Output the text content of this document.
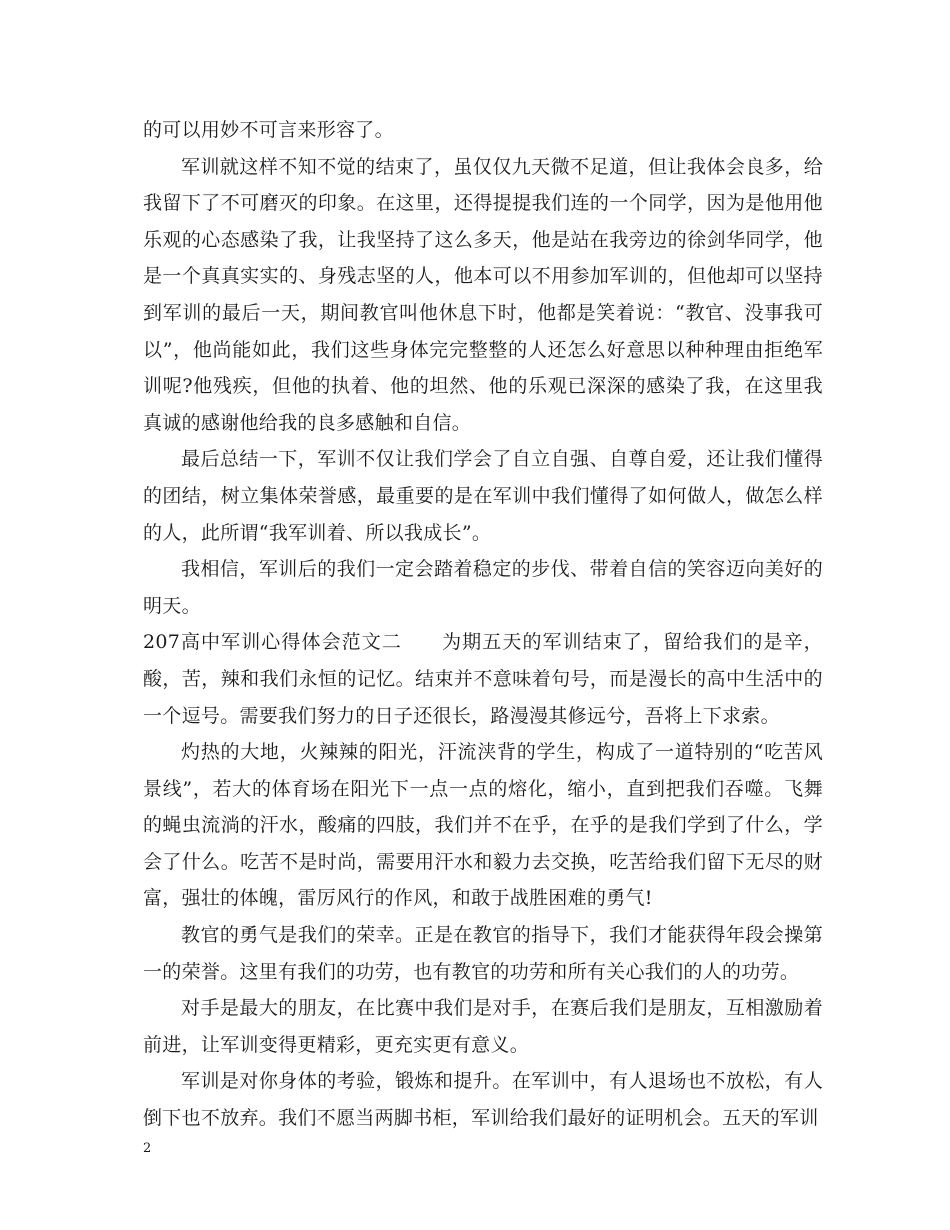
的可以用妙不可言来形容了。

军训就这样不知不觉的结束了，虽仅仅九天微不足道，但让我体会良多，给我留下了不可磨灭的印象。在这里，还得提提我们连的一个同学，因为是他用他乐观的心态感染了我，让我坚持了这么多天，他是站在我旁边的徐剑华同学，他是一个真真实实的、身残志坚的人，他本可以不用参加军训的，但他却可以坚持到军训的最后一天，期间教官叫他休息下时，他都是笑着说：“教官、没事我可以”，他尚能如此，我们这些身体完完整整的人还怎么好意思以种种理由拒绝军训呢?他残疾，但他的执着、他的坦然、他的乐观已深深的感染了我，在这里我真诚的感谢他给我的良多感触和自信。

最后总结一下，军训不仅让我们学会了自立自强、自尊自爱，还让我们懂得的团结，树立集体荣誉感，最重要的是在军训中我们懂得了如何做人，做怎么样的人，此所谓“我军训着、所以我成长”。

我相信，军训后的我们一定会踏着稳定的步伐、带着自信的笑容迈向美好的明天。

207高中军训心得体会范文二　　为期五天的军训结束了，留给我们的是辛，酸，苦，辣和我们永恒的记忆。结束并不意味着句号，而是漫长的高中生活中的一个逗号。需要我们努力的日子还很长，路漫漫其修远兮，吾将上下求索。

灼热的大地，火辣辣的阳光，汗流浃背的学生，构成了一道特别的“吃苦风景线”，若大的体育场在阳光下一点一点的熔化，缩小，直到把我们吞噬。飞舞的蝇虫流淌的汗水，酸痛的四肢，我们并不在乎，在乎的是我们学到了什么，学会了什么。吃苦不是时尚，需要用汗水和毅力去交换，吃苦给我们留下无尽的财富，强壮的体魄，雷厉风行的作风，和敢于战胜困难的勇气!

教官的勇气是我们的荣幸。正是在教官的指导下，我们才能获得年段会操第一的荣誉。这里有我们的功劳，也有教官的功劳和所有关心我们的人的功劳。

对手是最大的朋友，在比赛中我们是对手，在赛后我们是朋友，互相激励着前进，让军训变得更精彩，更充实更有意义。

军训是对你身体的考验，锻炼和提升。在军训中，有人退场也不放松，有人倒下也不放弃。我们不愿当两脚书柜，军训给我们最好的证明机会。五天的军训

2
